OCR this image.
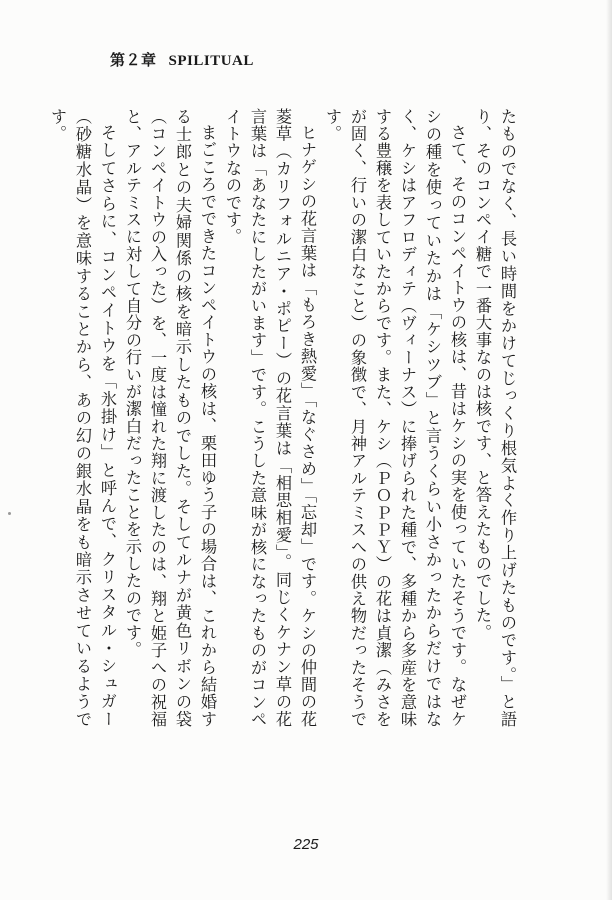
第２章 SPILITUAL

たものでなく、長い時間をかけてじっくり根気よく作り上げたものです。」と語り、そのコンペイ糖で一番大事なのは核です、と答えたものでした。

さて、そのコンペイトウの核は、昔はケシの実を使っていたそうです。なぜケシの種を使っていたかは「ケシツブ」と言うくらい小さかったからだけではなく、ケシはアフロディテ（ヴィーナス）に捧げられた種で、多種から多産を意味する豊穣を表していたからです。また、ケシ（ＰＯＰＰＹ）の花は貞潔（みさをが固く、行いの潔白なこと）の象徴で、月神アルテミスへの供え物だったそうです。

ヒナゲシの花言葉は「もろき熱愛」「なぐさめ」「忘却」です。ケシの仲間の花菱草（カリフォルニア・ポピー）の花言葉は「相思相愛」。同じくケナン草の花言葉は「あなたにしたがいます」です。こうした意味が核になったものがコンペイトウなのです。

まごころでできたコンペイトウの核は、栗田ゆう子の場合は、これから結婚する士郎との夫婦関係の核を暗示したものでした。そしてルナが黄色リボンの袋（コンペイトウの入った）を、一度は憧れた翔に渡したのは、翔と姫子への祝福と、アルテミスに対して自分の行いが潔白だったことを示したのです。

そしてさらに、コンペイトウを「氷掛け」と呼んで、クリスタル・シュガー（砂糖水晶）を意味することから、あの幻の銀水晶をも暗示させているようです。

225
